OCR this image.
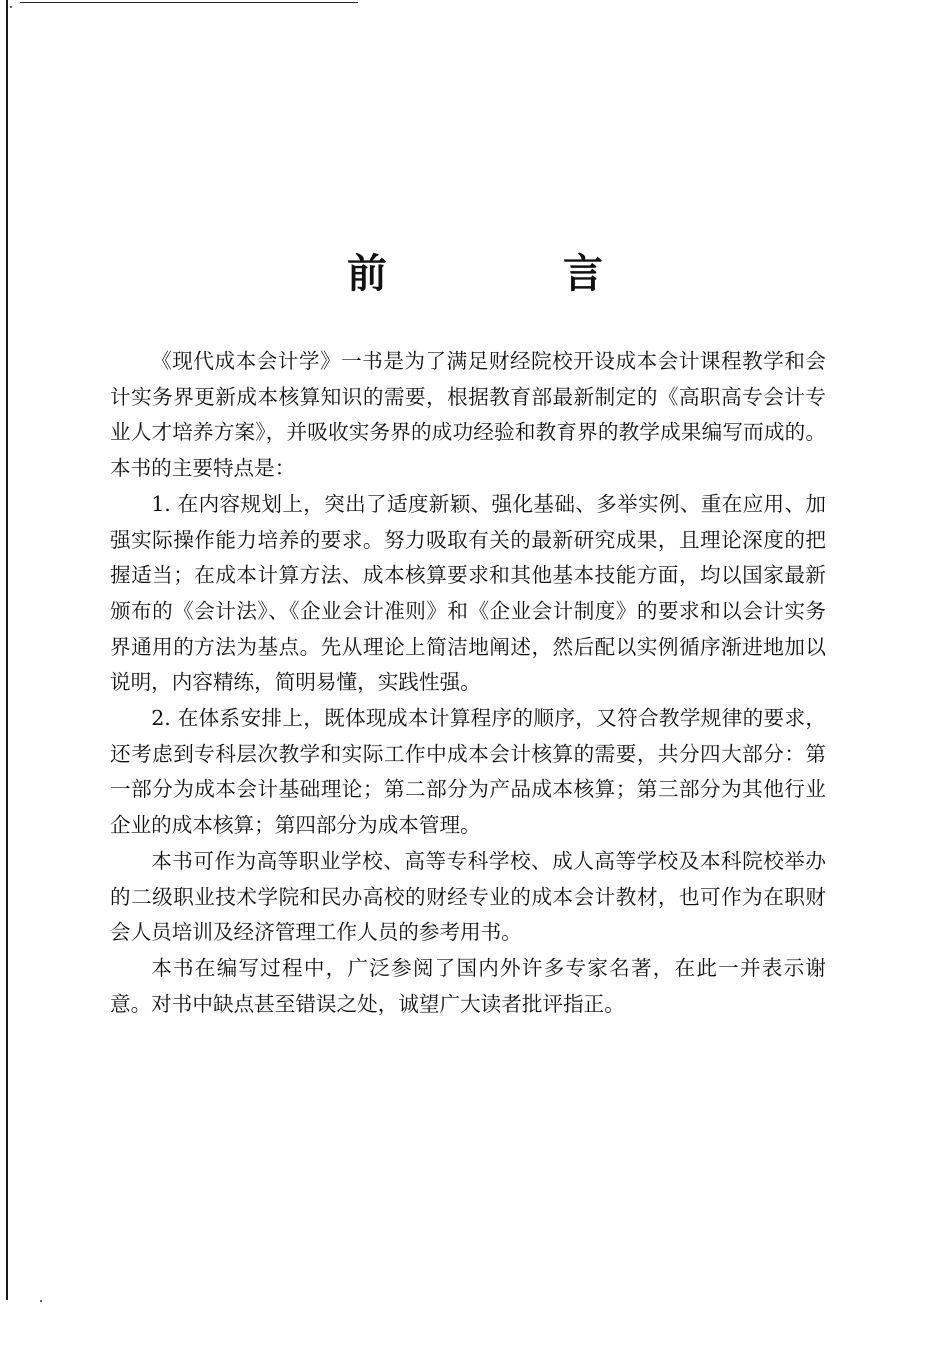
前　言

《现代成本会计学》一书是为了满足财经院校开设成本会计课程教学和会计实务界更新成本核算知识的需要，根据教育部最新制定的《高职高专会计专业人才培养方案》，并吸收实务界的成功经验和教育界的教学成果编写而成的。本书的主要特点是：

1. 在内容规划上，突出了适度新颖、强化基础、多举实例、重在应用、加强实际操作能力培养的要求。努力吸取有关的最新研究成果，且理论深度的把握适当；在成本计算方法、成本核算要求和其他基本技能方面，均以国家最新颁布的《会计法》、《企业会计准则》和《企业会计制度》的要求和以会计实务界通用的方法为基点。先从理论上简洁地阐述，然后配以实例循序渐进地加以说明，内容精练，简明易懂，实践性强。

2. 在体系安排上，既体现成本计算程序的顺序，又符合教学规律的要求，还考虑到专科层次教学和实际工作中成本会计核算的需要，共分四大部分：第一部分为成本会计基础理论；第二部分为产品成本核算；第三部分为其他行业企业的成本核算；第四部分为成本管理。

本书可作为高等职业学校、高等专科学校、成人高等学校及本科院校举办的二级职业技术学院和民办高校的财经专业的成本会计教材，也可作为在职财会人员培训及经济管理工作人员的参考用书。

本书在编写过程中，广泛参阅了国内外许多专家名著，在此一并表示谢意。对书中缺点甚至错误之处，诚望广大读者批评指正。
